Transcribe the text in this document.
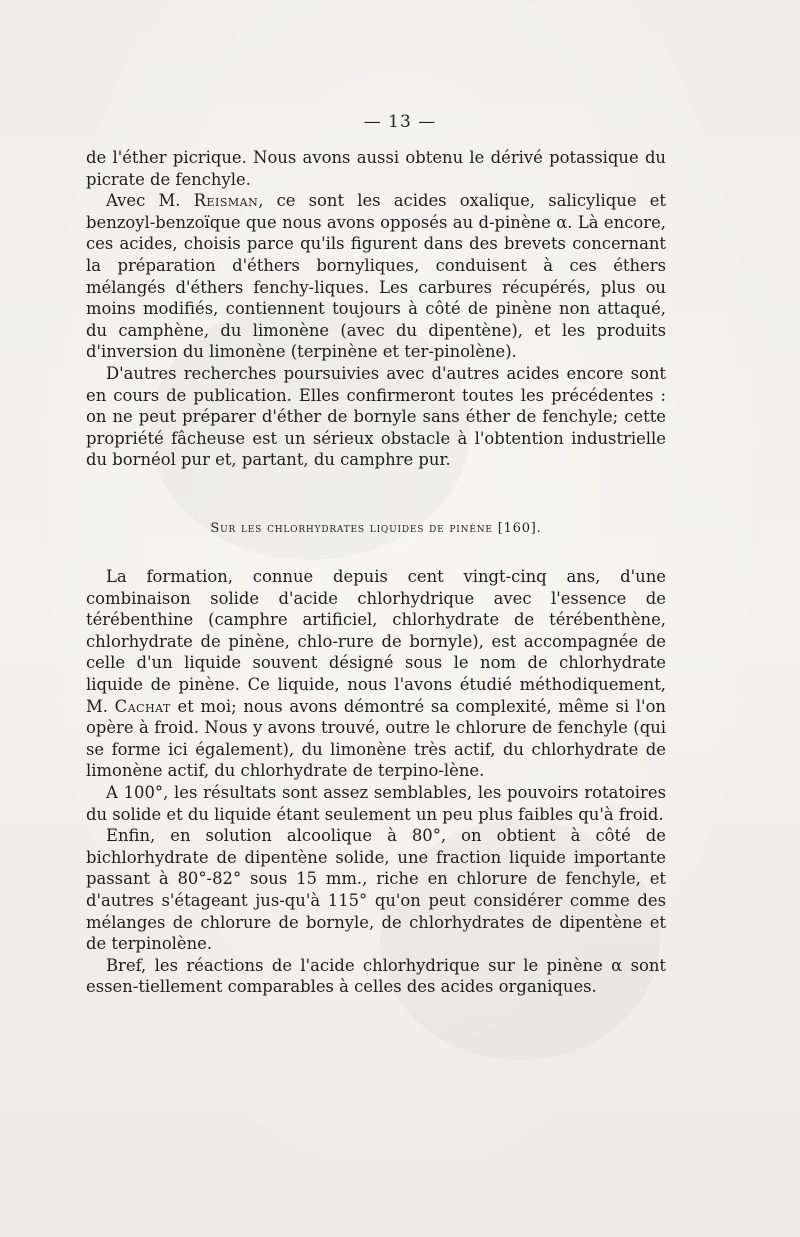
— 13 —

de l'éther picrique. Nous avons aussi obtenu le dérivé potassique du picrate de fenchyle.

Avec M. Reisman, ce sont les acides oxalique, salicylique et benzoyl-benzoïque que nous avons opposés au d-pinène α. Là encore, ces acides, choisis parce qu'ils figurent dans des brevets concernant la préparation d'éthers bornyliques, conduisent à ces éthers mélangés d'éthers fenchy-liques. Les carbures récupérés, plus ou moins modifiés, contiennent toujours à côté de pinène non attaqué, du camphène, du limonène (avec du dipentène), et les produits d'inversion du limonène (terpinène et ter-pinolène).

D'autres recherches poursuivies avec d'autres acides encore sont en cours de publication. Elles confirmeront toutes les précédentes : on ne peut préparer d'éther de bornyle sans éther de fenchyle; cette propriété fâcheuse est un sérieux obstacle à l'obtention industrielle du bornéol pur et, partant, du camphre pur.

Sur les chlorhydrates liquides de pinène [160].

La formation, connue depuis cent vingt-cinq ans, d'une combinaison solide d'acide chlorhydrique avec l'essence de térébenthine (camphre artificiel, chlorhydrate de térébenthène, chlorhydrate de pinène, chlo-rure de bornyle), est accompagnée de celle d'un liquide souvent désigné sous le nom de chlorhydrate liquide de pinène. Ce liquide, nous l'avons étudié méthodiquement, M. Cachat et moi; nous avons démontré sa complexité, même si l'on opère à froid. Nous y avons trouvé, outre le chlorure de fenchyle (qui se forme ici également), du limonène très actif, du chlorhydrate de limonène actif, du chlorhydrate de terpino-lène.

A 100°, les résultats sont assez semblables, les pouvoirs rotatoires du solide et du liquide étant seulement un peu plus faibles qu'à froid.

Enfin, en solution alcoolique à 80°, on obtient à côté de bichlorhydrate de dipentène solide, une fraction liquide importante passant à 80°-82° sous 15 mm., riche en chlorure de fenchyle, et d'autres s'étageant jus-qu'à 115° qu'on peut considérer comme des mélanges de chlorure de bornyle, de chlorhydrates de dipentène et de terpinolène.

Bref, les réactions de l'acide chlorhydrique sur le pinène α sont essen-tiellement comparables à celles des acides organiques.
